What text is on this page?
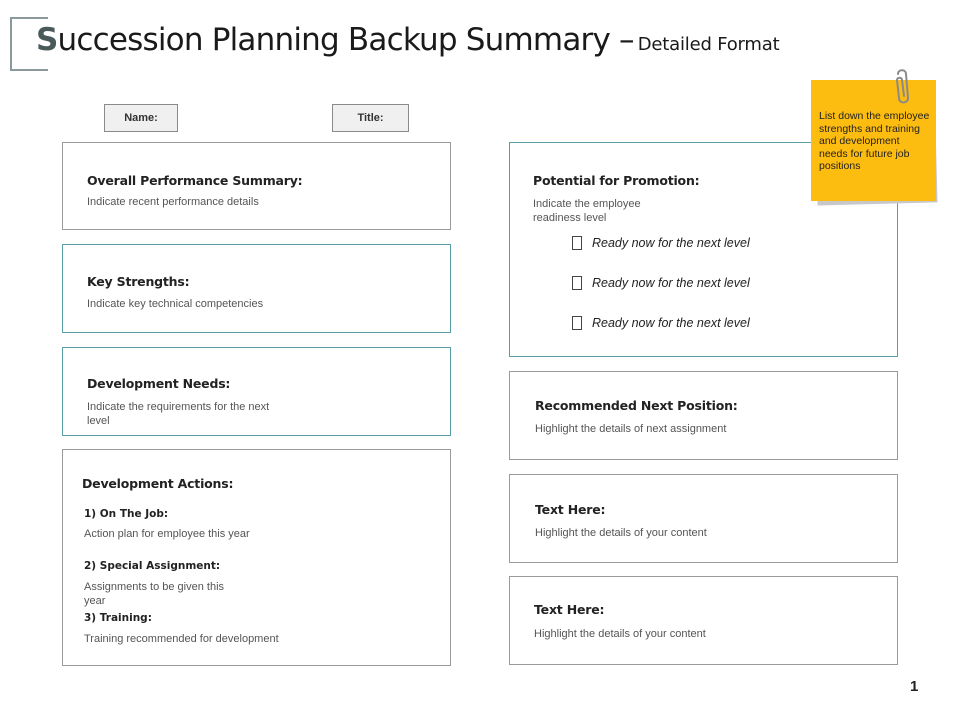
Succession Planning Backup Summary – Detailed Format
Name:	Title:
Overall Performance Summary:
Indicate recent performance details
Key Strengths:
Indicate key technical competencies
Development Needs:
Indicate the requirements for the next level
Development Actions:
1) On The Job:
Action plan for employee this year
2) Special Assignment:
Assignments to be given this year
3) Training:
Training recommended for development
Potential for Promotion:
Indicate the employee readiness level
Ready now for the next level
Ready now for the next level
Ready now for the next level
Recommended Next Position:
Highlight the details of next assignment
Text Here:
Highlight the details of your content
Text Here:
Highlight the details of your content
List down the employee strengths and training and development needs for future job positions
1
